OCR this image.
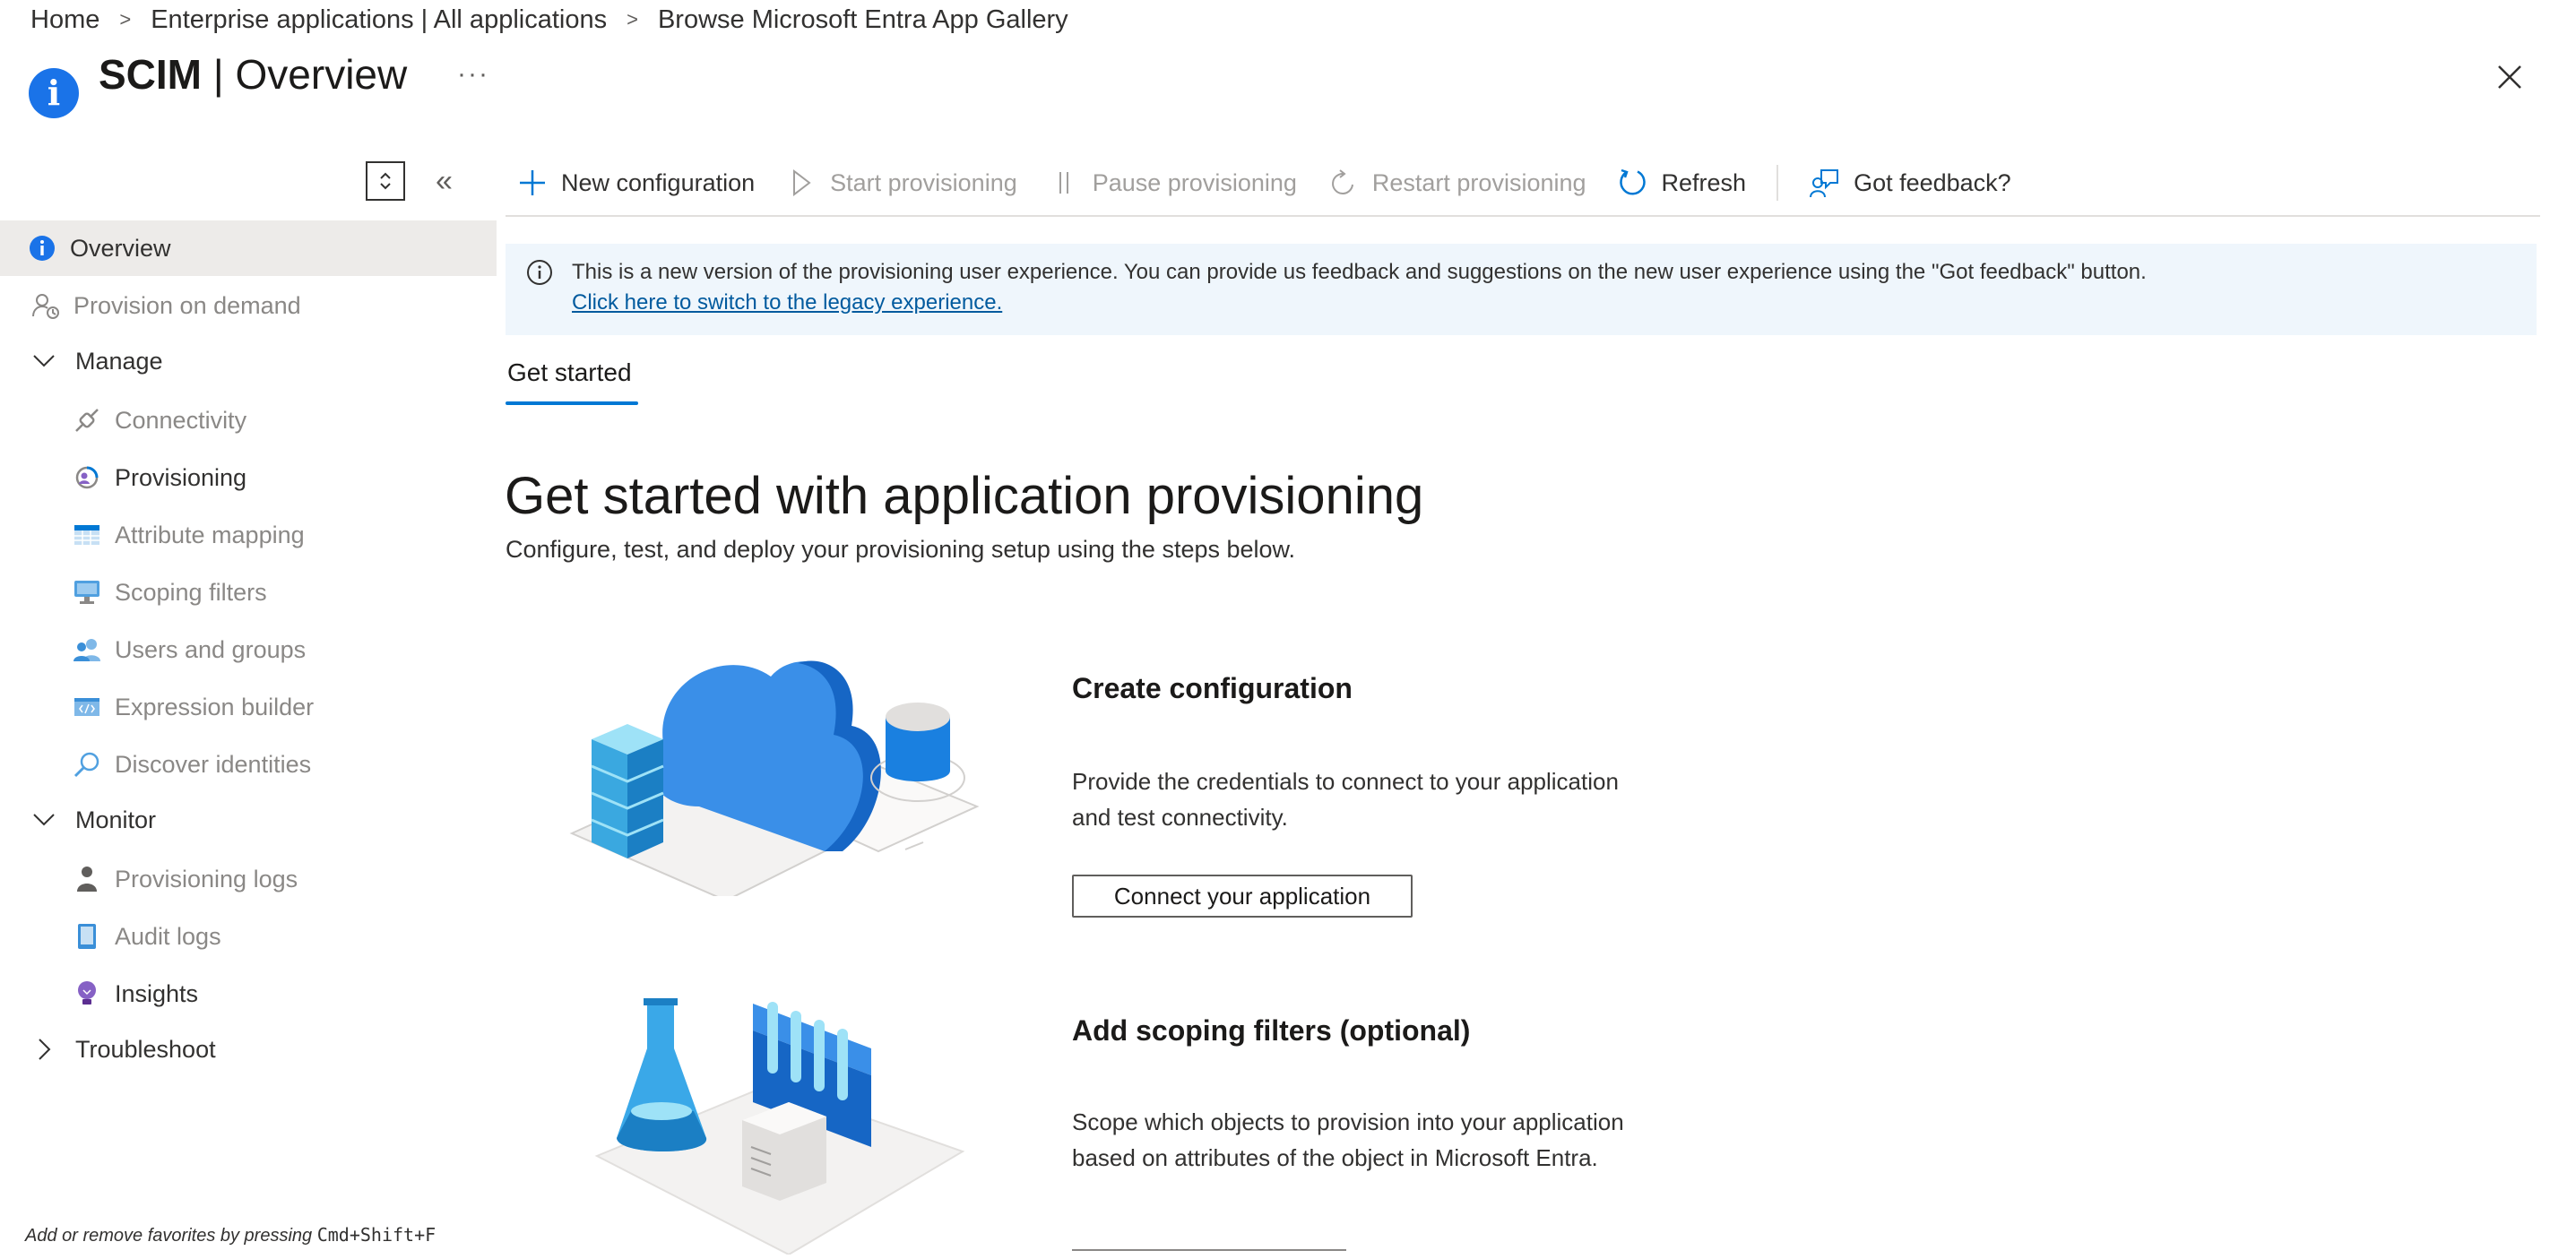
Home > Enterprise applications | All applications > Browse Microsoft Entra App Gallery
i SCIM | Overview ···
«
Overview
Provision on demand
Manage
Connectivity
Provisioning
Attribute mapping
Scoping filters
Users and groups
Expression builder
Discover identities
Monitor
Provisioning logs
Audit logs
Insights
Troubleshoot
Add or remove favorites by pressing Cmd+Shift+F
New configuration	Start provisioning	Pause provisioning	Restart provisioning	Refresh	Got feedback?
This is a new version of the provisioning user experience. You can provide us feedback and suggestions on the new user experience using the "Got feedback" button.
Click here to switch to the legacy experience.
Get started
Get started with application provisioning
Configure, test, and deploy your provisioning setup using the steps below.
Create configuration
Provide the credentials to connect to your application and test connectivity.
Connect your application
Add scoping filters (optional)
Scope which objects to provision into your application based on attributes of the object in Microsoft Entra.
